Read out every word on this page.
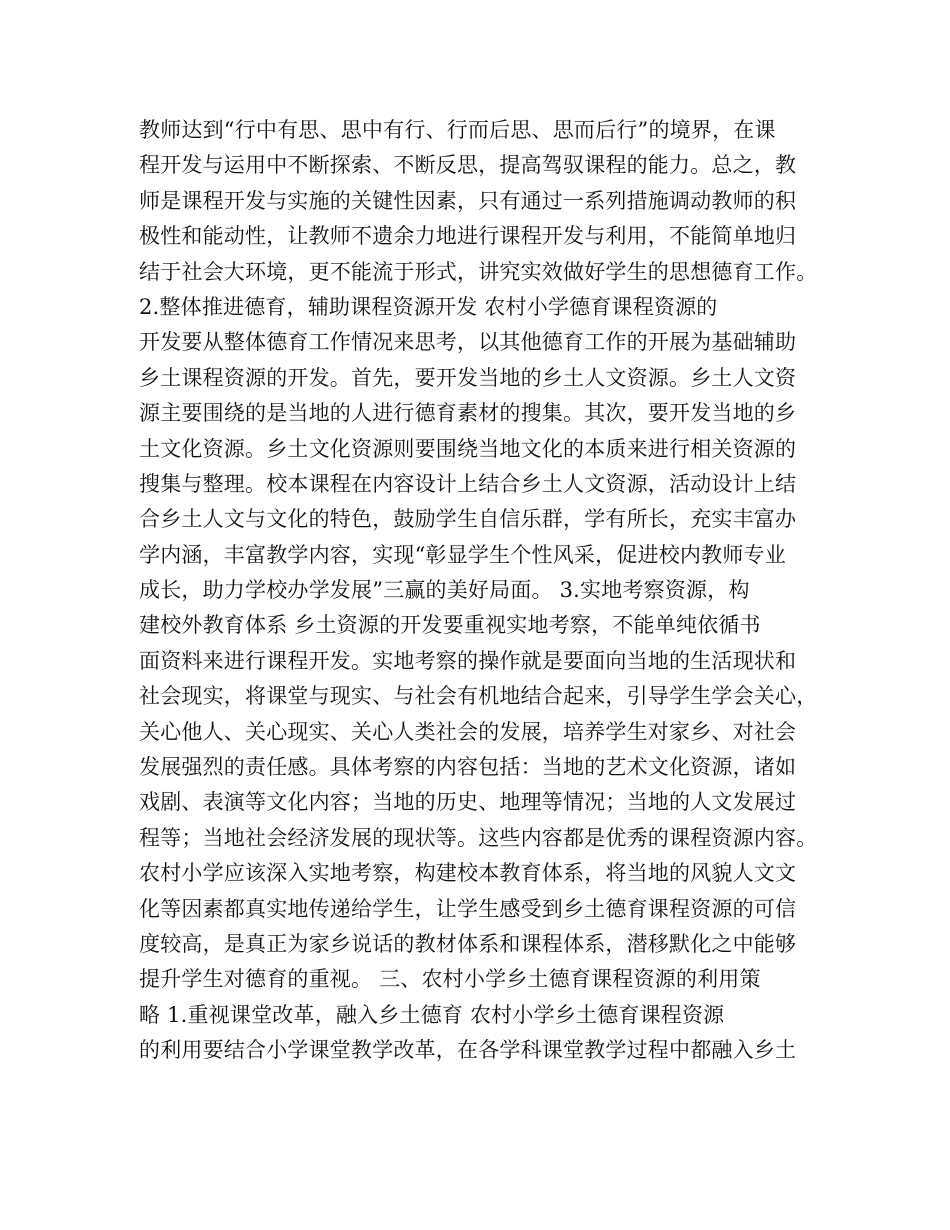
教师达到“行中有思、思中有行、行而后思、思而后行”的境界，在课
程开发与运用中不断探索、不断反思，提高驾驭课程的能力。总之，教
师是课程开发与实施的关键性因素，只有通过一系列措施调动教师的积
极性和能动性，让教师不遗余力地进行课程开发与利用，不能简单地归
结于社会大环境，更不能流于形式，讲究实效做好学生的思想德育工作。
2.整体推进德育，辅助课程资源开发 农村小学德育课程资源的
开发要从整体德育工作情况来思考，以其他德育工作的开展为基础辅助
乡土课程资源的开发。首先，要开发当地的乡土人文资源。乡土人文资
源主要围绕的是当地的人进行德育素材的搜集。其次，要开发当地的乡
土文化资源。乡土文化资源则要围绕当地文化的本质来进行相关资源的
搜集与整理。校本课程在内容设计上结合乡土人文资源，活动设计上结
合乡土人文与文化的特色，鼓励学生自信乐群，学有所长，充实丰富办
学内涵，丰富教学内容，实现“彰显学生个性风采，促进校内教师专业
成长，助力学校办学发展”三赢的美好局面。 3.实地考察资源，构
建校外教育体系 乡土资源的开发要重视实地考察，不能单纯依循书
面资料来进行课程开发。实地考察的操作就是要面向当地的生活现状和
社会现实，将课堂与现实、与社会有机地结合起来，引导学生学会关心，
关心他人、关心现实、关心人类社会的发展，培养学生对家乡、对社会
发展强烈的责任感。具体考察的内容包括：当地的艺术文化资源，诸如
戏剧、表演等文化内容；当地的历史、地理等情况；当地的人文发展过
程等；当地社会经济发展的现状等。这些内容都是优秀的课程资源内容。
农村小学应该深入实地考察，构建校本教育体系，将当地的风貌人文文
化等因素都真实地传递给学生，让学生感受到乡土德育课程资源的可信
度较高，是真正为家乡说话的教材体系和课程体系，潜移默化之中能够
提升学生对德育的重视。 三、农村小学乡土德育课程资源的利用策
略 1.重视课堂改革，融入乡土德育 农村小学乡土德育课程资源
的利用要结合小学课堂教学改革，在各学科课堂教学过程中都融入乡土
